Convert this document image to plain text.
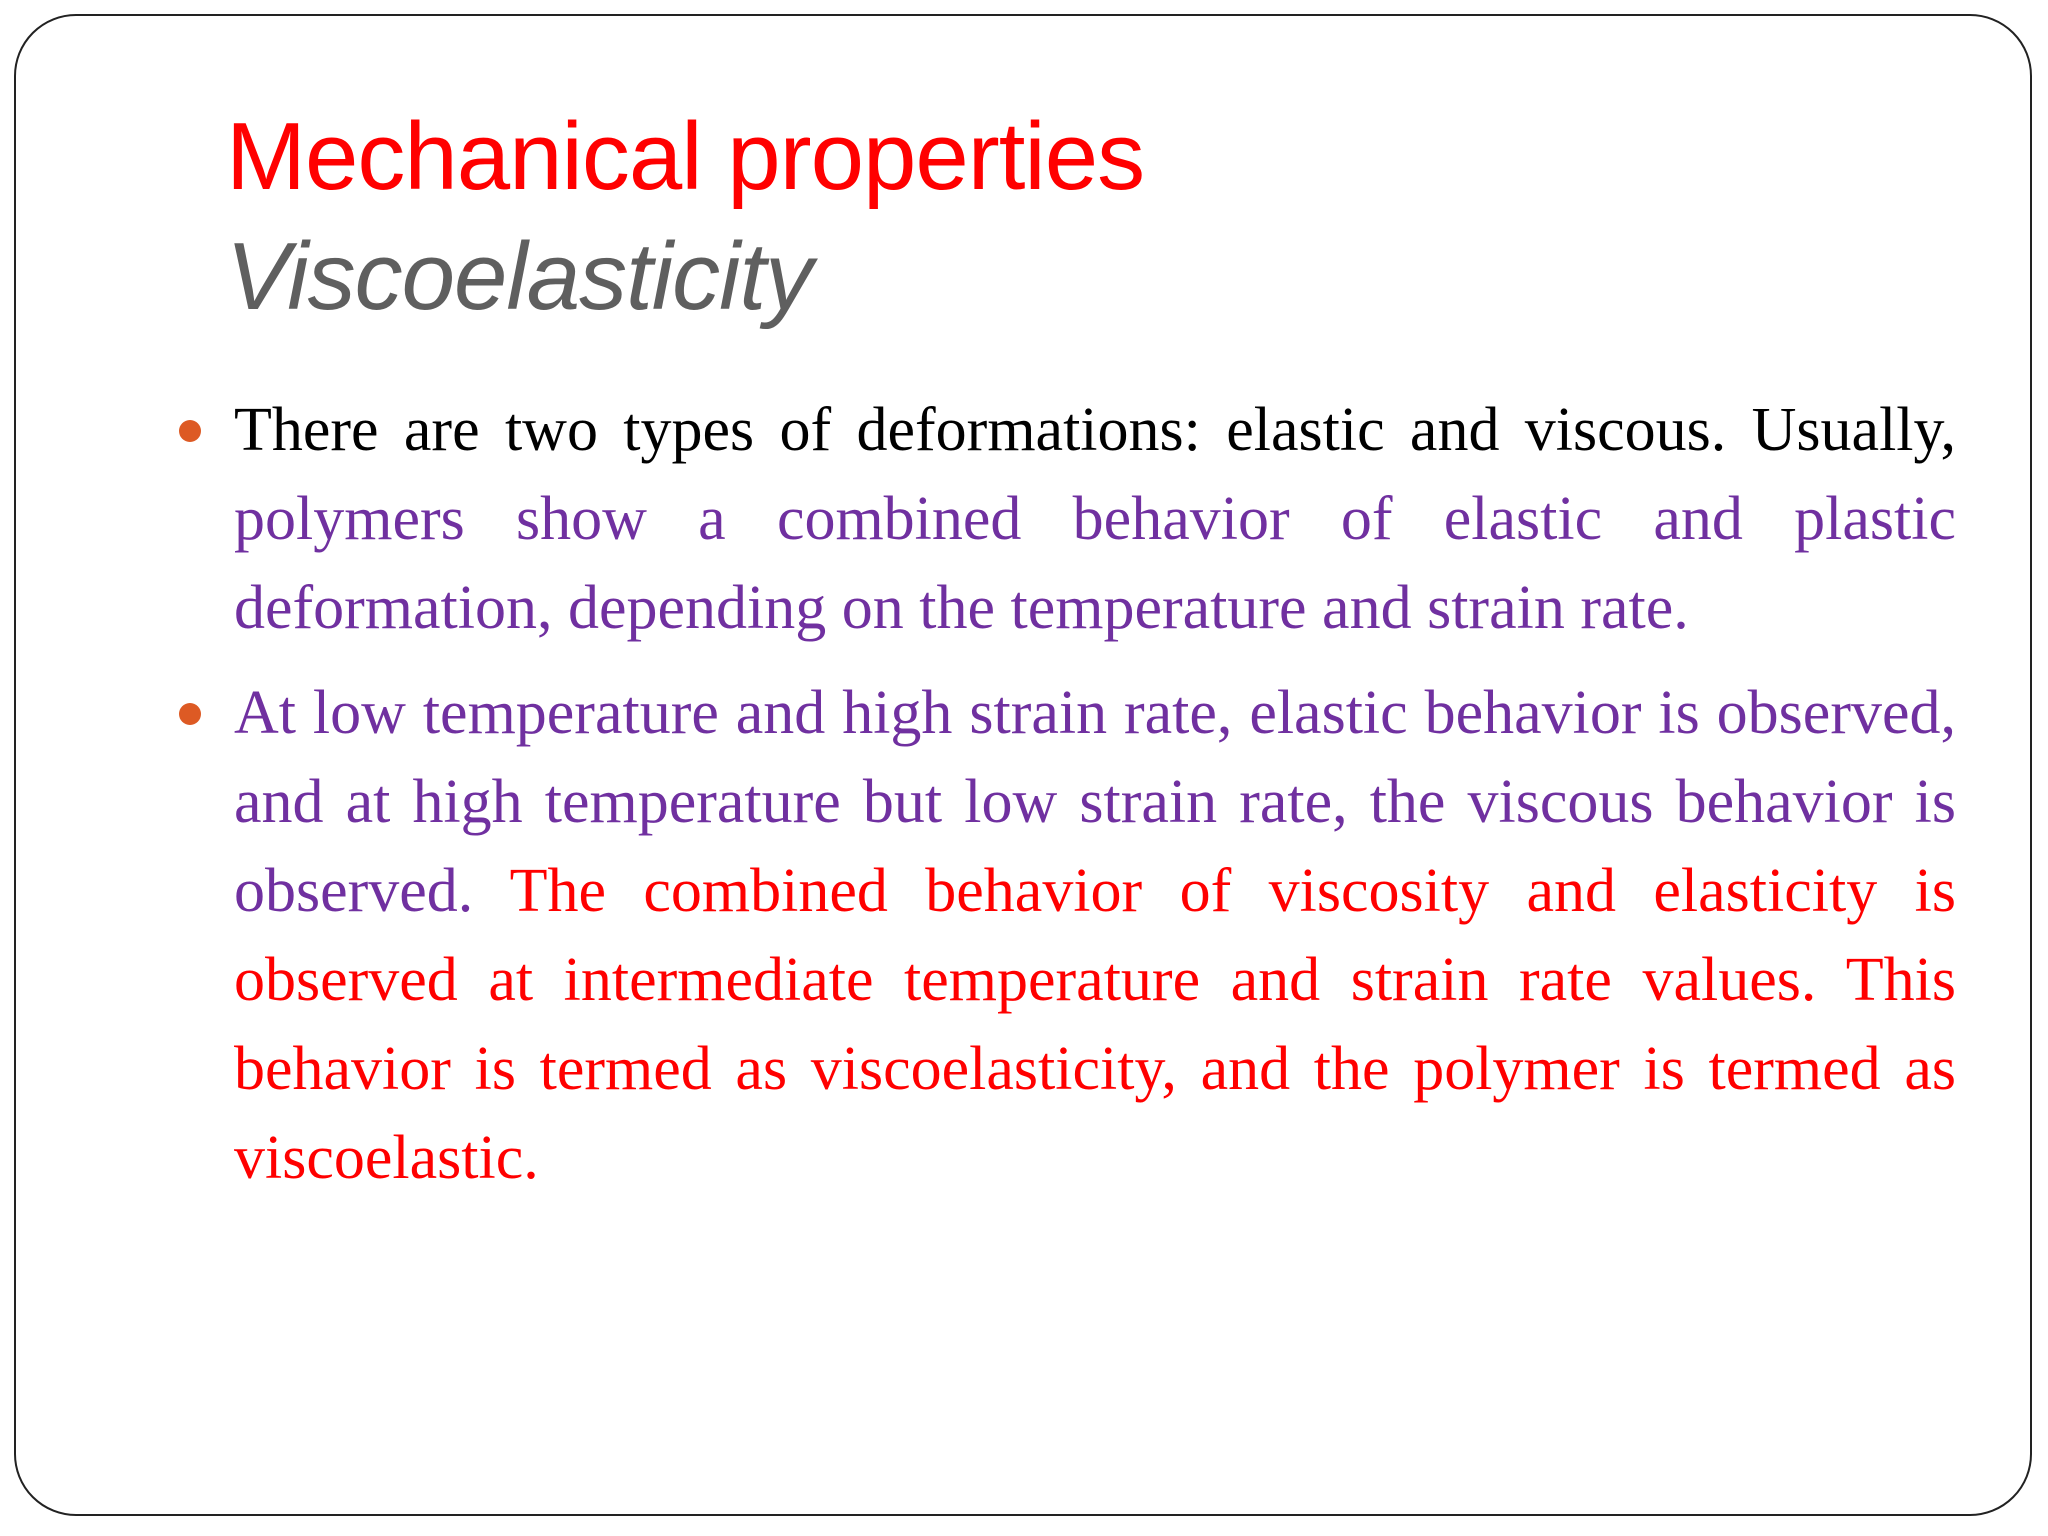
Mechanical properties
Viscoelasticity
There are two types of deformations: elastic and viscous. Usually, polymers show a combined behavior of elastic and plastic deformation, depending on the temperature and strain rate.
At low temperature and high strain rate, elastic behavior is observed, and at high temperature but low strain rate, the viscous behavior is observed. The combined behavior of viscosity and elasticity is observed at intermediate temperature and strain rate values. This behavior is termed as viscoelasticity, and the polymer is termed as viscoelastic.
